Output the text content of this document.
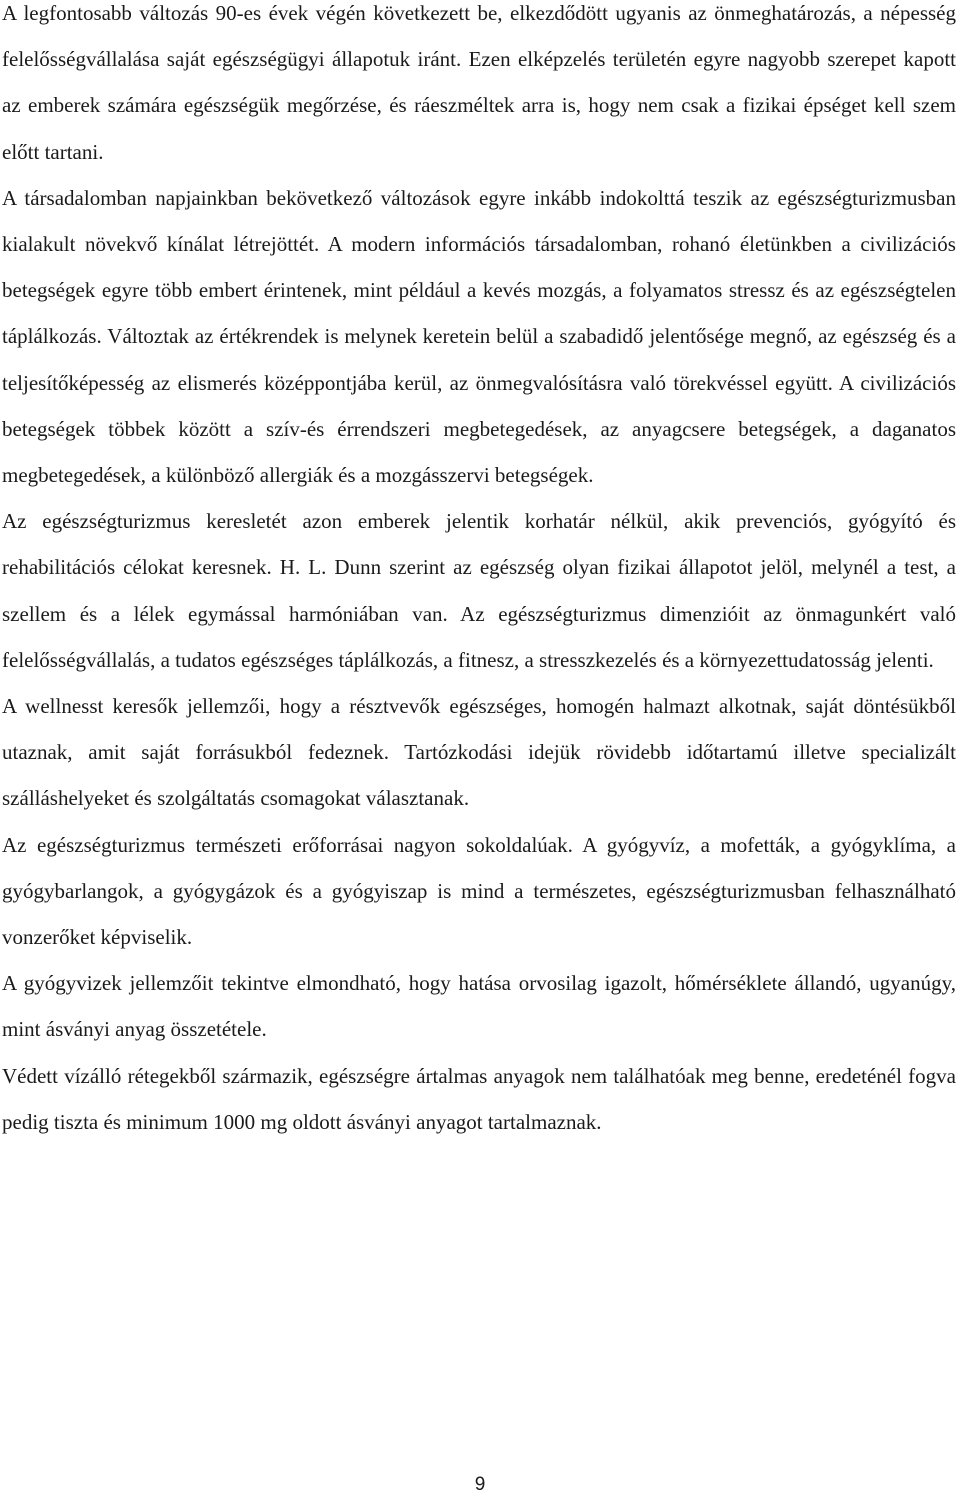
A legfontosabb változás 90-es évek végén következett be, elkezdődött ugyanis az önmeghatározás, a népesség felelősségvállalása saját egészségügyi állapotuk iránt. Ezen elképzelés területén egyre nagyobb szerepet kapott az emberek számára egészségük megőrzése, és ráeszméltek arra is, hogy nem csak a fizikai épséget kell szem előtt tartani.

A társadalomban napjainkban bekövetkező változások egyre inkább indokolttá teszik az egészségturizmusban kialakult növekvő kínálat létrejöttét. A modern információs társadalomban, rohanó életünkben a civilizációs betegségek egyre több embert érintenek, mint például a kevés mozgás, a folyamatos stressz és az egészségtelen táplálkozás. Változtak az értékrendek is melynek keretein belül a szabadidő jelentősége megnő, az egészség és a teljesítőképesség az elismerés középpontjába kerül, az önmegvalósításra való törekvéssel együtt. A civilizációs betegségek többek között a szív-és érrendszeri megbetegedések, az anyagcsere betegségek, a daganatos megbetegedések, a különböző allergiák és a mozgásszervi betegségek.

Az egészségturizmus keresletét azon emberek jelentik korhatár nélkül, akik prevenciós, gyógyító és rehabilitációs célokat keresnek. H. L. Dunn szerint az egészség olyan fizikai állapotot jelöl, melynél a test, a szellem és a lélek egymással harmóniában van. Az egészségturizmus dimenzióit az önmagunkért való felelősségvállalás, a tudatos egészséges táplálkozás, a fitnesz, a stresszkezelés és a környezettudatosság jelenti.

A wellnesst keresők jellemzői, hogy a résztvevők egészséges, homogén halmazt alkotnak, saját döntésükből utaznak, amit saját forrásukból fedeznek. Tartózkodási idejük rövidebb időtartamú illetve specializált szálláshelyeket és szolgáltatás csomagokat választanak.

Az egészségturizmus természeti erőforrásai nagyon sokoldalúak. A gyógyvíz, a mofetták, a gyógyklíma, a gyógybarlangok, a gyógygázok és a gyógyiszap is mind a természetes, egészségturizmusban felhasználható vonzerőket képviselik.

A gyógyvizek jellemzőit tekintve elmondható, hogy hatása orvosilag igazolt, hőmérséklete állandó, ugyanúgy, mint ásványi anyag összetétele.

Védett vízálló rétegekből származik, egészségre ártalmas anyagok nem találhatóak meg benne, eredeténél fogva pedig tiszta és minimum 1000 mg oldott ásványi anyagot tartalmaznak.

9
